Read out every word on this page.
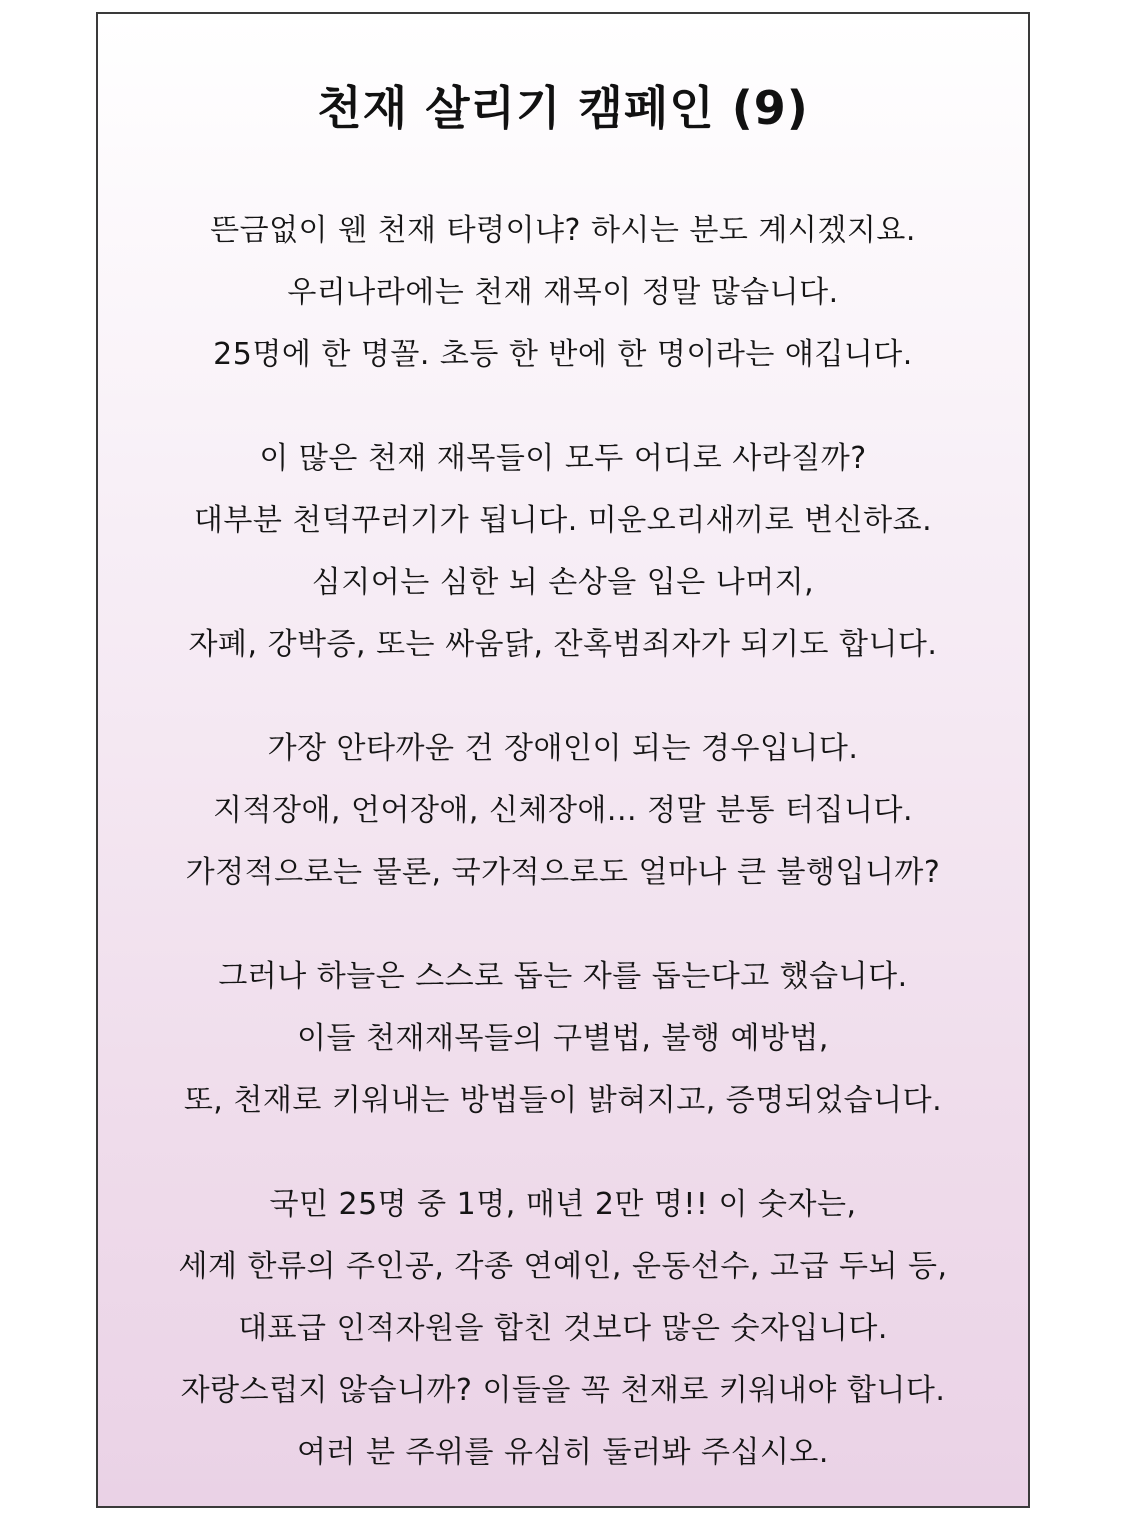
천재 살리기 캠페인 (9)
뜬금없이 웬 천재 타령이냐? 하시는 분도 계시겠지요.
우리나라에는 천재 재목이 정말 많습니다.
25명에 한 명꼴. 초등 한 반에 한 명이라는 얘깁니다.
이 많은 천재 재목들이 모두 어디로 사라질까?
대부분 천덕꾸러기가 됩니다. 미운오리새끼로 변신하죠.
심지어는 심한 뇌 손상을 입은 나머지,
자폐, 강박증, 또는 싸움닭, 잔혹범죄자가 되기도 합니다.
가장 안타까운 건 장애인이 되는 경우입니다.
지적장애, 언어장애, 신체장애... 정말 분통 터집니다.
가정적으로는 물론, 국가적으로도 얼마나 큰 불행입니까?
그러나 하늘은 스스로 돕는 자를 돕는다고 했습니다.
이들 천재재목들의 구별법, 불행 예방법,
또, 천재로 키워내는 방법들이 밝혀지고, 증명되었습니다.
국민 25명 중 1명, 매년 2만 명!! 이 숫자는,
세계 한류의 주인공, 각종 연예인, 운동선수, 고급 두뇌 등,
대표급 인적자원을 합친 것보다 많은 숫자입니다.
자랑스럽지 않습니까? 이들을 꼭 천재로 키워내야 합니다.
여러 분 주위를 유심히 둘러봐 주십시오.
